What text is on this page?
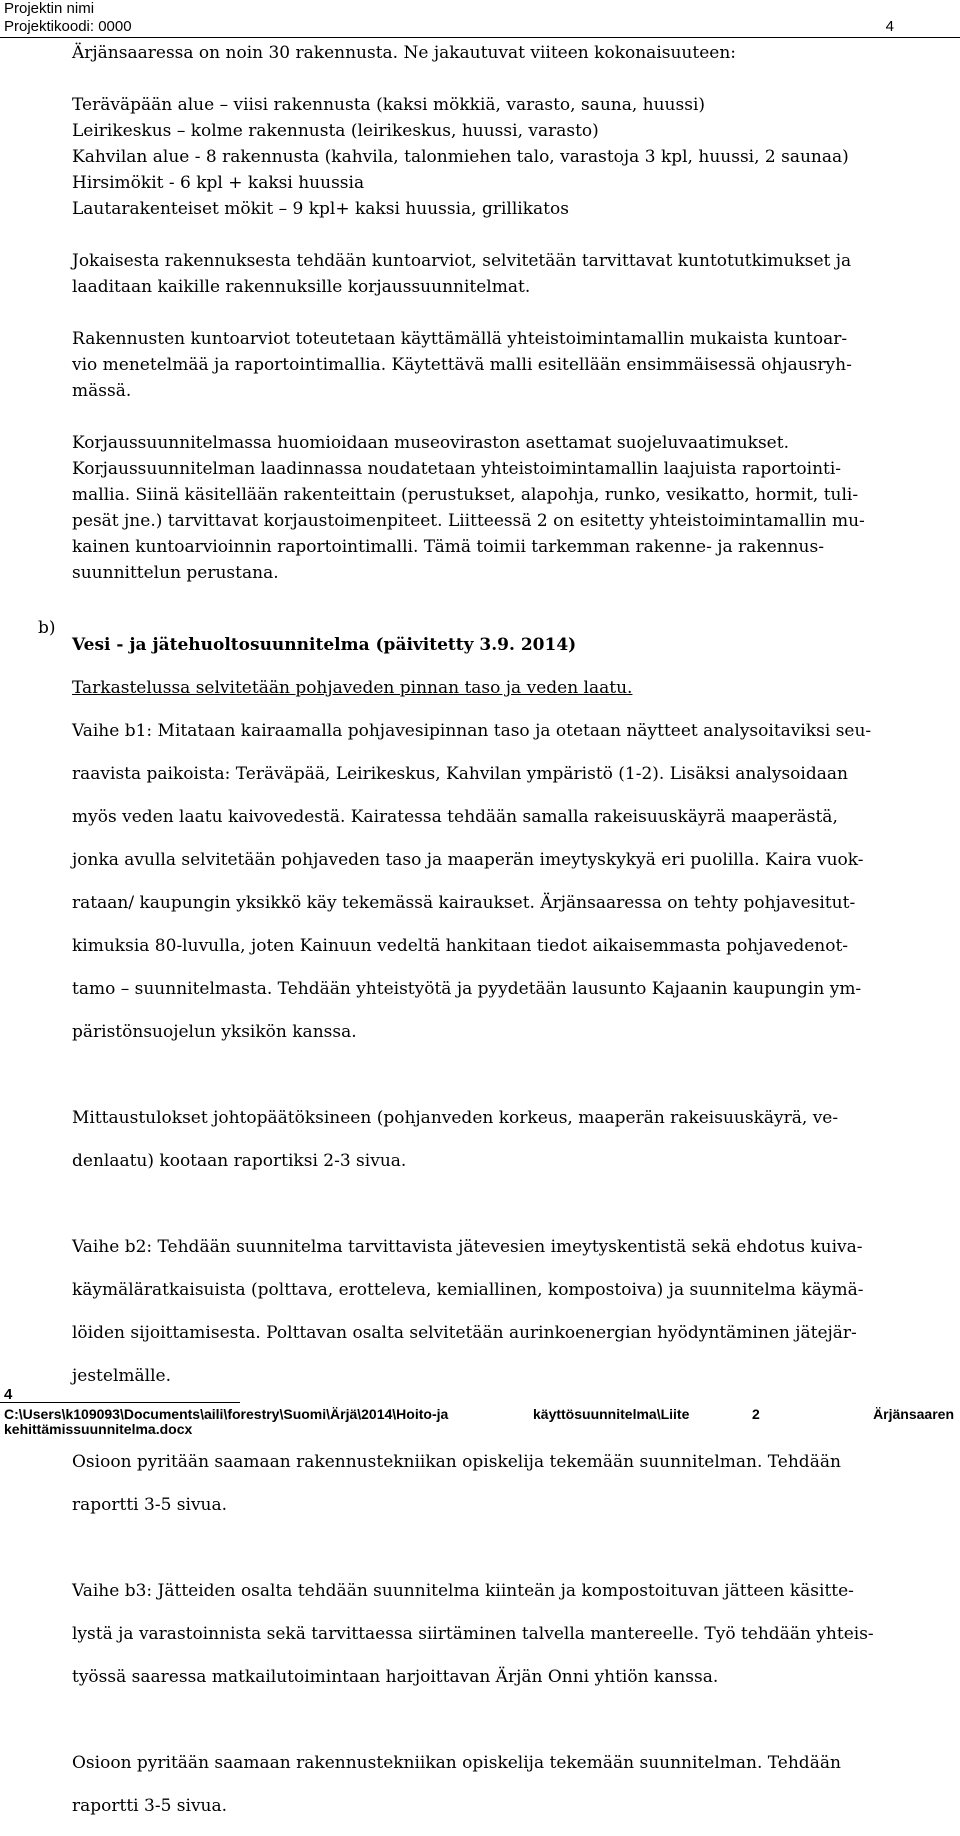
Projektin nimi
Projektikoodi: 0000	4

Ärjänsaaressa on noin 30 rakennusta. Ne jakautuvat viiteen kokonaisuuteen:

Teräväpään alue – viisi rakennusta (kaksi mökkiä, varasto, sauna, huussi)

Leirikeskus – kolme rakennusta (leirikeskus, huussi, varasto)

Kahvilan alue - 8 rakennusta (kahvila, talonmiehen talo, varastoja 3 kpl, huussi, 2 saunaa)

Hirsimökit - 6 kpl + kaksi huussia

Lautarakenteiset mökit – 9 kpl+ kaksi huussia, grillikatos

Jokaisesta rakennuksesta tehdään kuntoarviot, selvitetään tarvittavat kuntotutkimukset ja

laaditaan kaikille rakennuksille korjaussuunnitelmat.

Rakennusten kuntoarviot toteutetaan käyttämällä yhteistoimintamallin mukaista kuntoar-

vio menetelmää ja raportointimallia. Käytettävä malli esitellään ensimmäisessä ohjausryh-

mässä.

Korjaussuunnitelmassa huomioidaan museoviraston asettamat suojeluvaatimukset.

Korjaussuunnitelman laadinnassa noudatetaan yhteistoimintamallin laajuista raportointi-

mallia. Siinä käsitellään rakenteittain (perustukset, alapohja, runko, vesikatto, hormit, tuli-

pesät jne.) tarvittavat korjaustoimenpiteet. Liitteessä 2 on esitetty yhteistoimintamallin mu-

kainen kuntoarvioinnin raportointimalli. Tämä toimii tarkemman rakenne- ja rakennus-

suunnittelun perustana.

b)

Vesi - ja jätehuoltosuunnitelma (päivitetty 3.9. 2014)

Tarkastelussa selvitetään pohjaveden pinnan taso ja veden laatu.

Vaihe b1: Mitataan kairaamalla pohjavesipinnan taso ja otetaan näytteet analysoitaviksi seu-

raavista paikoista: Teräväpää, Leirikeskus, Kahvilan ympäristö (1-2). Lisäksi analysoidaan

myös veden laatu kaivovedestä. Kairatessa tehdään samalla rakeisuuskäyrä maaperästä,

jonka avulla selvitetään pohjaveden taso ja maaperän imeytyskykyä eri puolilla. Kaira vuok-

rataan/ kaupungin yksikkö käy tekemässä kairaukset. Ärjänsaaressa on tehty pohjavesitut-

kimuksia 80-luvulla, joten Kainuun vedeltä hankitaan tiedot aikaisemmasta pohjavedenot-

tamo – suunnitelmasta. Tehdään yhteistyötä ja pyydetään lausunto Kajaanin kaupungin ym-

päristönsuojelun yksikön kanssa.

Mittaustulokset johtopäätöksineen (pohjanveden korkeus, maaperän rakeisuuskäyrä, ve-

denlaatu) kootaan raportiksi 2-3 sivua.

Vaihe b2: Tehdään suunnitelma tarvittavista jätevesien imeytyskentistä sekä ehdotus kuiva-

käymäläratkaisuista (polttava, erotteleva, kemiallinen, kompostoiva) ja suunnitelma käymä-

löiden sijoittamisesta. Polttavan osalta selvitetään aurinkoenergian hyödyntäminen jätejär-

jestelmälle.

Osioon pyritään saamaan rakennustekniikan opiskelija tekemään suunnitelman. Tehdään

raportti 3-5 sivua.

Vaihe b3: Jätteiden osalta tehdään suunnitelma kiinteän ja kompostoituvan jätteen käsitte-

lystä ja varastoinnista sekä tarvittaessa siirtäminen talvella mantereelle. Työ tehdään yhteis-

työssä saaressa matkailutoimintaan harjoittavan Ärjän Onni yhtiön kanssa.

Osioon pyritään saamaan rakennustekniikan opiskelija tekemään suunnitelman. Tehdään

raportti 3-5 sivua.

4
C:\Users\k109093\Documents\aili\forestry\Suomi\Ärjä\2014\Hoito-ja	käyttösuunnitelma\Liite	2	Ärjänsaaren
kehittämissuunnitelma.docx
